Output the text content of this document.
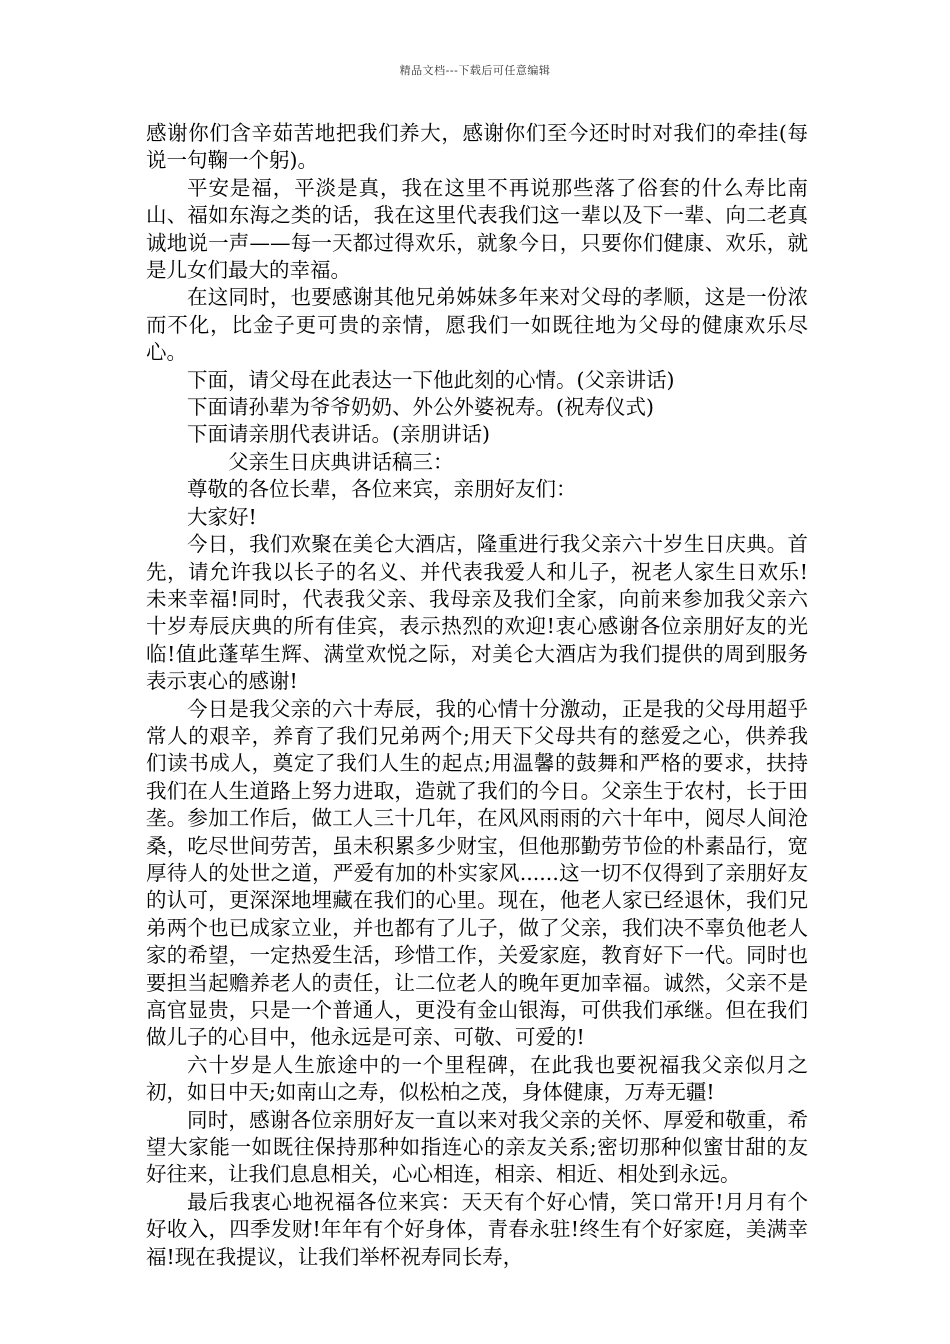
精品文档---下载后可任意编辑

感谢你们含辛茹苦地把我们养大，感谢你们至今还时时对我们的牵挂(每说一句鞠一个躬)。

平安是福，平淡是真，我在这里不再说那些落了俗套的什么寿比南山、福如东海之类的话，我在这里代表我们这一辈以及下一辈、向二老真诚地说一声——每一天都过得欢乐，就象今日，只要你们健康、欢乐，就是儿女们最大的幸福。

在这同时，也要感谢其他兄弟姊妹多年来对父母的孝顺，这是一份浓而不化，比金子更可贵的亲情，愿我们一如既往地为父母的健康欢乐尽心。

下面，请父母在此表达一下他此刻的心情。(父亲讲话)

下面请孙辈为爷爷奶奶、外公外婆祝寿。(祝寿仪式)

下面请亲朋代表讲话。(亲朋讲话)

父亲生日庆典讲话稿三：

尊敬的各位长辈，各位来宾，亲朋好友们：

大家好!

今日，我们欢聚在美仑大酒店，隆重进行我父亲六十岁生日庆典。首先，请允许我以长子的名义、并代表我爱人和儿子，祝老人家生日欢乐!未来幸福!同时，代表我父亲、我母亲及我们全家，向前来参加我父亲六十岁寿辰庆典的所有佳宾，表示热烈的欢迎!衷心感谢各位亲朋好友的光临!值此蓬荜生辉、满堂欢悦之际，对美仑大酒店为我们提供的周到服务表示衷心的感谢!

今日是我父亲的六十寿辰，我的心情十分激动，正是我的父母用超乎常人的艰辛，养育了我们兄弟两个;用天下父母共有的慈爱之心，供养我们读书成人，奠定了我们人生的起点;用温馨的鼓舞和严格的要求，扶持我们在人生道路上努力进取，造就了我们的今日。父亲生于农村，长于田垄。参加工作后，做工人三十几年，在风风雨雨的六十年中，阅尽人间沧桑，吃尽世间劳苦，虽未积累多少财宝，但他那勤劳节俭的朴素品行，宽厚待人的处世之道，严爱有加的朴实家风......这一切不仅得到了亲朋好友的认可，更深深地埋藏在我们的心里。现在，他老人家已经退休，我们兄弟两个也已成家立业，并也都有了儿子，做了父亲，我们决不辜负他老人家的希望，一定热爱生活，珍惜工作，关爱家庭，教育好下一代。同时也要担当起赡养老人的责任，让二位老人的晚年更加幸福。诚然，父亲不是高官显贵，只是一个普通人，更没有金山银海，可供我们承继。但在我们做儿子的心目中，他永远是可亲、可敬、可爱的!

六十岁是人生旅途中的一个里程碑，在此我也要祝福我父亲似月之初，如日中天;如南山之寿，似松柏之茂，身体健康，万寿无疆!

同时，感谢各位亲朋好友一直以来对我父亲的关怀、厚爱和敬重，希望大家能一如既往保持那种如指连心的亲友关系;密切那种似蜜甘甜的友好往来，让我们息息相关，心心相连，相亲、相近、相处到永远。

最后我衷心地祝福各位来宾：天天有个好心情，笑口常开!月月有个好收入，四季发财!年年有个好身体，青春永驻!终生有个好家庭，美满幸福!现在我提议，让我们举杯祝寿同长寿，
